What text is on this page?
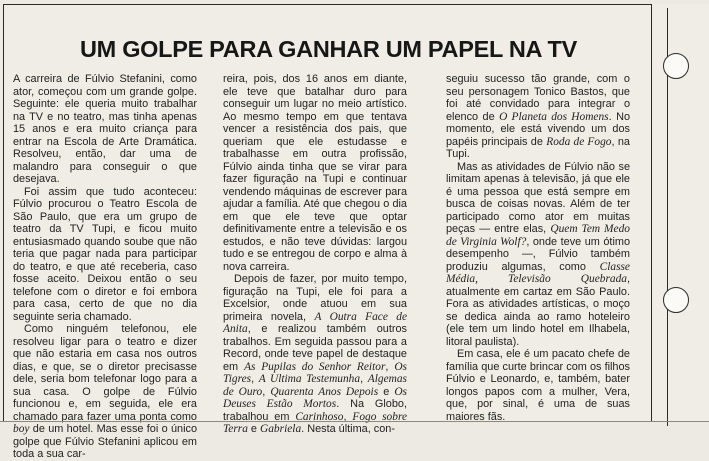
UM GOLPE PARA GANHAR UM PAPEL NA TV

A carreira de Fúlvio Stefanini, como ator, começou com um grande golpe. Seguinte: ele queria muito trabalhar na TV e no teatro, mas tinha apenas 15 anos e era muito criança para entrar na Escola de Arte Dramática. Resolveu, então, dar uma de malandro para conseguir o que desejava.

Foi assim que tudo aconteceu: Fúlvio procurou o Teatro Escola de São Paulo, que era um grupo de teatro da TV Tupi, e ficou muito entusiasmado quando soube que não teria que pagar nada para participar do teatro, e que até receberia, caso fosse aceito. Deixou então o seu telefone com o diretor e foi embora para casa, certo de que no dia seguinte seria chamado.

Como ninguém telefonou, ele resolveu ligar para o teatro e dizer que não estaria em casa nos outros dias, e que, se o diretor precisasse dele, seria bom telefonar logo para a sua casa. O golpe de Fúlvio funcionou e, em seguida, ele era chamado para fazer uma ponta como boy de um hotel. Mas esse foi o único golpe que Fúlvio Stefanini aplicou em toda a sua car-

reira, pois, dos 16 anos em diante, ele teve que batalhar duro para conseguir um lugar no meio artístico. Ao mesmo tempo em que tentava vencer a resistência dos pais, que queriam que ele estudasse e trabalhasse em outra profissão, Fúlvio ainda tinha que se virar para fazer figuração na Tupi e continuar vendendo máquinas de escrever para ajudar a família. Até que chegou o dia em que ele teve que optar definitivamente entre a televisão e os estudos, e não teve dúvidas: largou tudo e se entregou de corpo e alma à nova carreira.

Depois de fazer, por muito tempo, figuração na Tupi, ele foi para a Excelsior, onde atuou em sua primeira novela, A Outra Face de Anita, e realizou também outros trabalhos. Em seguida passou para a Record, onde teve papel de destaque em As Pupilas do Senhor Reitor, Os Tigres, A Ultima Testemunha, Algemas de Ouro, Quarenta Anos Depois e Os Deuses Estão Mortos. Na Globo, trabalhou em Carinhoso, Fogo sobre Terra e Gabriela. Nesta última, con-

seguiu sucesso tão grande, com o seu personagem Tonico Bastos, que foi até convidado para integrar o elenco de O Planeta dos Homens. No momento, ele está vivendo um dos papéis principais de Roda de Fogo, na Tupi.

Mas as atividades de Fúlvio não se limitam apenas à televisão, já que ele é uma pessoa que está sempre em busca de coisas novas. Além de ter participado como ator em muitas peças — entre elas, Quem Tem Medo de Virginia Wolf?, onde teve um ótimo desempenho —, Fúlvio também produziu algumas, como Classe Média, Televisão Quebrada, atualmente em cartaz em São Paulo. Fora as atividades artísticas, o moço se dedica ainda ao ramo hoteleiro (ele tem um lindo hotel em Ilhabela, litoral paulista).

Em casa, ele é um pacato chefe de família que curte brincar com os filhos Fúlvio e Leonardo, e, também, bater longos papos com a mulher, Vera, que, por sinal, é uma de suas maiores fãs.
